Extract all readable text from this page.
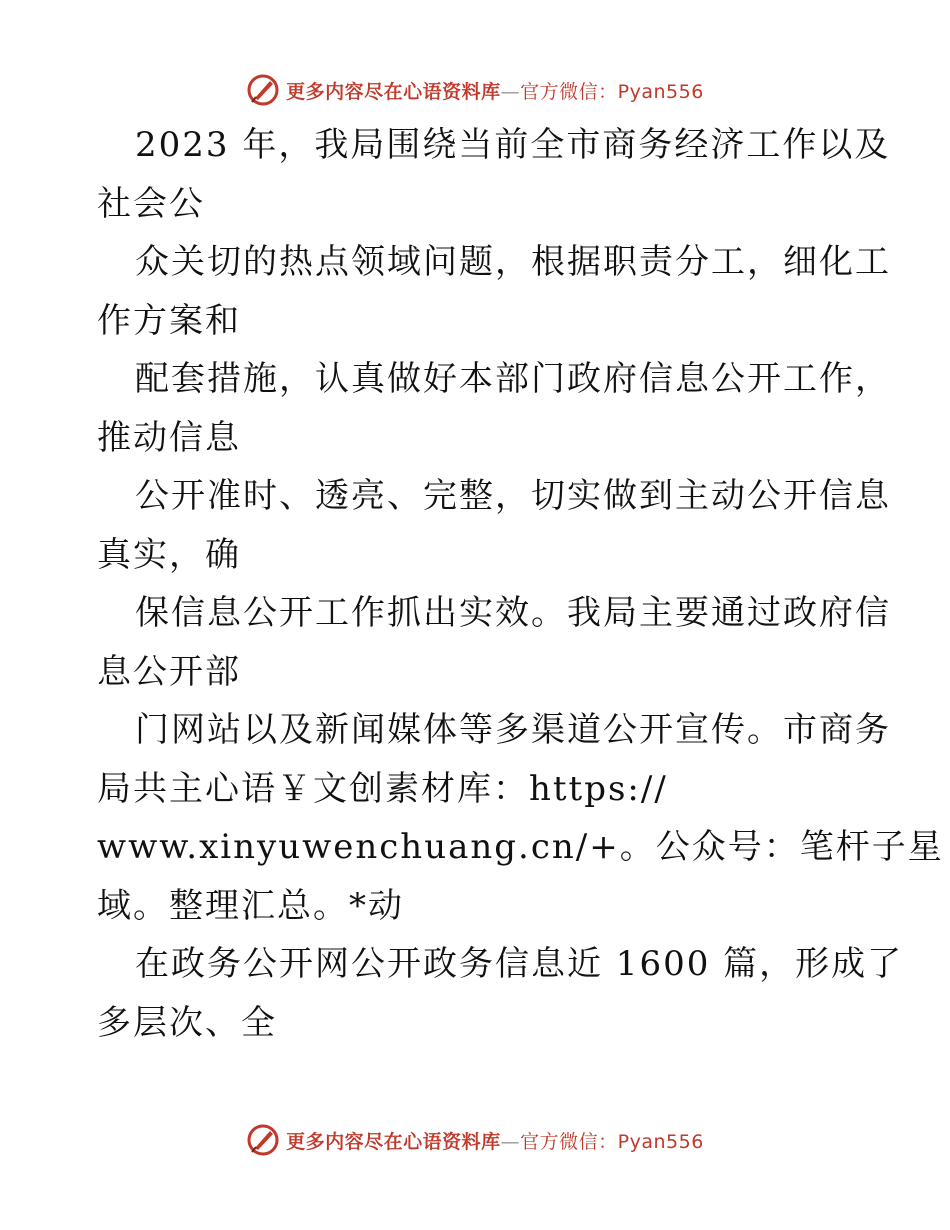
更多内容尽在心语资料库—官方微信：Pyan556
2023 年，我局围绕当前全市商务经济工作以及
社会公
众关切的热点领域问题，根据职责分工，细化工
作方案和
配套措施，认真做好本部门政府信息公开工作，
推动信息
公开准时、透亮、完整，切实做到主动公开信息
真实，确
保信息公开工作抓出实效。我局主要通过政府信
息公开部
门网站以及新闻媒体等多渠道公开宣传。市商务
局共主心语￥文创素材库：https://
www.xinyuwenchuang.cn/+。公众号：笔杆子星
域。整理汇总。*动
在政务公开网公开政务信息近 1600 篇，形成了
多层次、全
更多内容尽在心语资料库—官方微信：Pyan556
